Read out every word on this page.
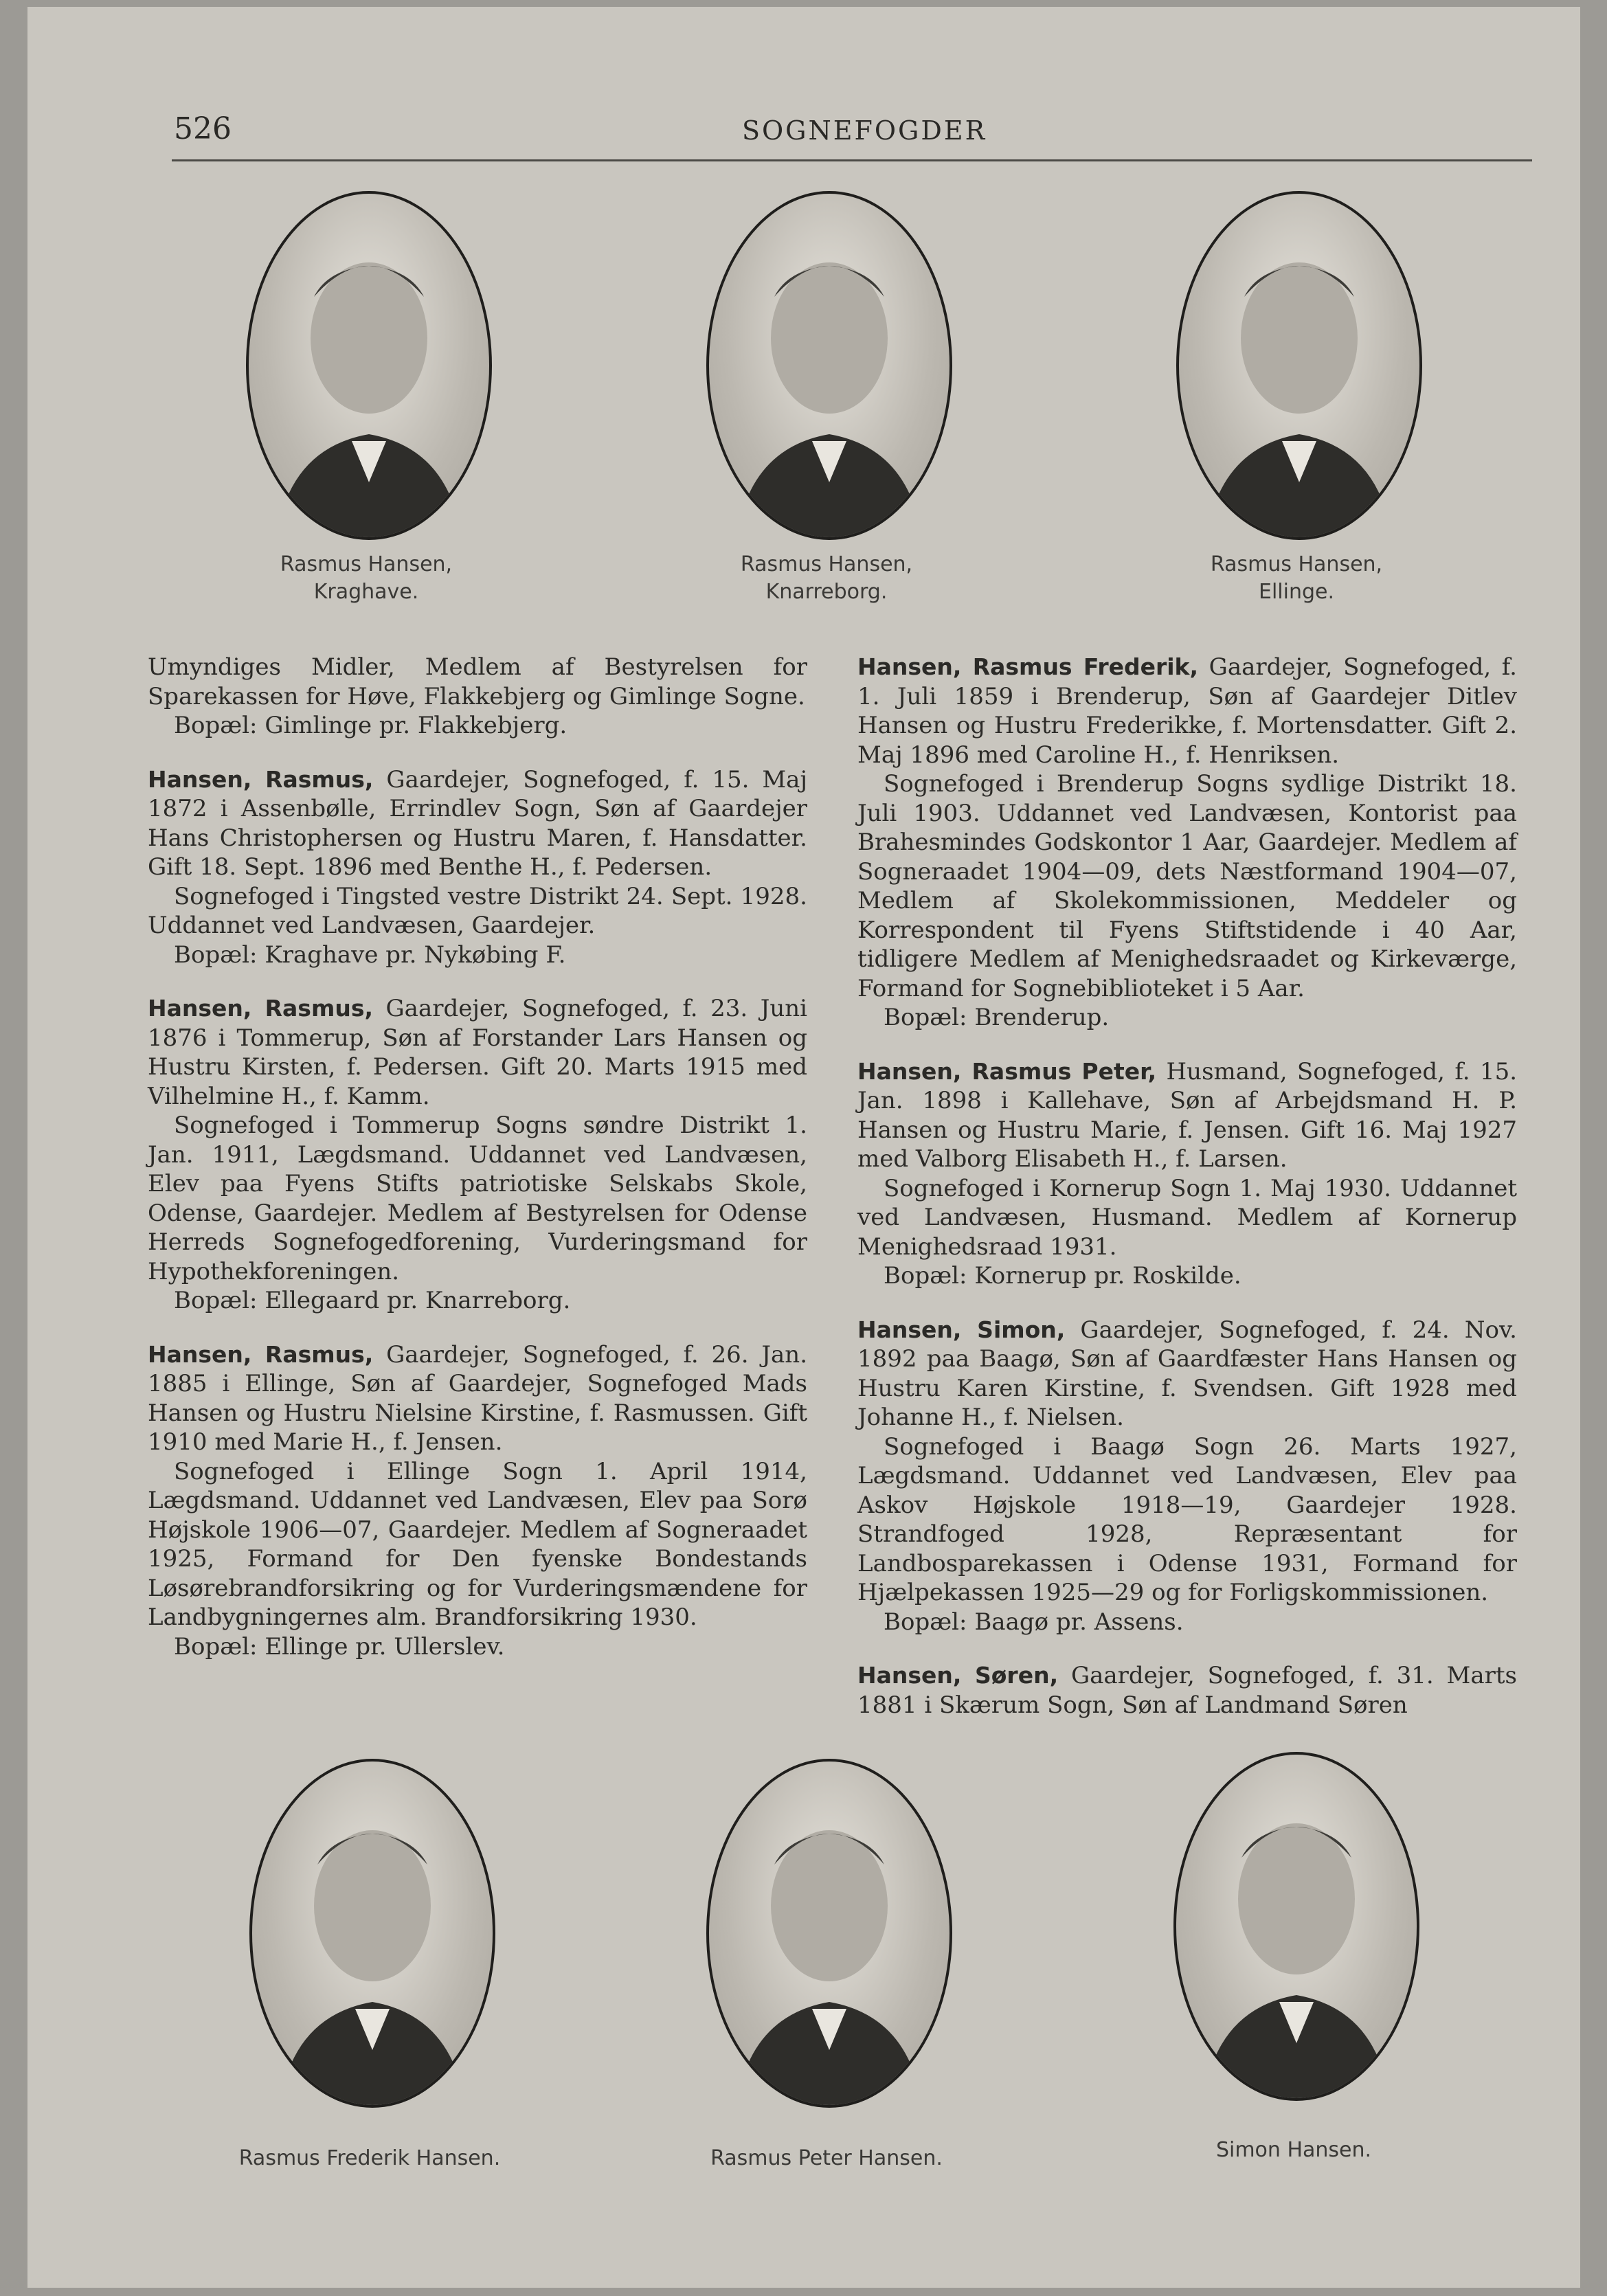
526	SOGNEFOGDER
Rasmus Hansen,
Kraghave.
Rasmus Hansen,
Knarreborg.
Rasmus Hansen,
Ellinge.

Umyndiges Midler, Medlem af Bestyrelsen for Sparekassen for Høve, Flakkebjerg og Gimlinge Sogne.

Bopæl: Gimlinge pr. Flakkebjerg.

Hansen, Rasmus, Gaardejer, Sognefoged, f. 15. Maj 1872 i Assenbølle, Errindlev Sogn, Søn af Gaardejer Hans Christophersen og Hustru Maren, f. Hansdatter. Gift 18. Sept. 1896 med Benthe H., f. Pedersen.

Sognefoged i Tingsted vestre Distrikt 24. Sept. 1928. Uddannet ved Landvæsen, Gaardejer.

Bopæl: Kraghave pr. Nykøbing F.

Hansen, Rasmus, Gaardejer, Sognefoged, f. 23. Juni 1876 i Tommerup, Søn af Forstander Lars Hansen og Hustru Kirsten, f. Pedersen. Gift 20. Marts 1915 med Vilhelmine H., f. Kamm.

Sognefoged i Tommerup Sogns søndre Distrikt 1. Jan. 1911, Lægdsmand. Uddannet ved Landvæsen, Elev paa Fyens Stifts patriotiske Selskabs Skole, Odense, Gaardejer. Medlem af Bestyrelsen for Odense Herreds Sognefogedforening, Vurderingsmand for Hypothekforeningen.

Bopæl: Ellegaard pr. Knarreborg.

Hansen, Rasmus, Gaardejer, Sognefoged, f. 26. Jan. 1885 i Ellinge, Søn af Gaardejer, Sognefoged Mads Hansen og Hustru Nielsine Kirstine, f. Rasmussen. Gift 1910 med Marie H., f. Jensen.

Sognefoged i Ellinge Sogn 1. April 1914, Lægdsmand. Uddannet ved Landvæsen, Elev paa Sorø Højskole 1906—07, Gaardejer. Medlem af Sogneraadet 1925, Formand for Den fyenske Bondestands Løsørebrandforsikring og for Vurderingsmændene for Landbygningernes alm. Brandforsikring 1930.

Bopæl: Ellinge pr. Ullerslev.

Hansen, Rasmus Frederik, Gaardejer, Sognefoged, f. 1. Juli 1859 i Brenderup, Søn af Gaardejer Ditlev Hansen og Hustru Frederikke, f. Mortensdatter. Gift 2. Maj 1896 med Caroline H., f. Henriksen.

Sognefoged i Brenderup Sogns sydlige Distrikt 18. Juli 1903. Uddannet ved Landvæsen, Kontorist paa Brahesmindes Godskontor 1 Aar, Gaardejer. Medlem af Sogneraadet 1904—09, dets Næstformand 1904—07, Medlem af Skolekommissionen, Meddeler og Korrespondent til Fyens Stiftstidende i 40 Aar, tidligere Medlem af Menighedsraadet og Kirkeværge, Formand for Sognebiblioteket i 5 Aar.

Bopæl: Brenderup.

Hansen, Rasmus Peter, Husmand, Sognefoged, f. 15. Jan. 1898 i Kallehave, Søn af Arbejdsmand H. P. Hansen og Hustru Marie, f. Jensen. Gift 16. Maj 1927 med Valborg Elisabeth H., f. Larsen.

Sognefoged i Kornerup Sogn 1. Maj 1930. Uddannet ved Landvæsen, Husmand. Medlem af Kornerup Menighedsraad 1931.

Bopæl: Kornerup pr. Roskilde.

Hansen, Simon, Gaardejer, Sognefoged, f. 24. Nov. 1892 paa Baagø, Søn af Gaardfæster Hans Hansen og Hustru Karen Kirstine, f. Svendsen. Gift 1928 med Johanne H., f. Nielsen.

Sognefoged i Baagø Sogn 26. Marts 1927, Lægdsmand. Uddannet ved Landvæsen, Elev paa Askov Højskole 1918—19, Gaardejer 1928. Strandfoged 1928, Repræsentant for Landbosparekassen i Odense 1931, Formand for Hjælpekassen 1925—29 og for Forligskommissionen.

Bopæl: Baagø pr. Assens.

Hansen, Søren, Gaardejer, Sognefoged, f. 31. Marts 1881 i Skærum Sogn, Søn af Landmand Søren

Rasmus Frederik Hansen.	Rasmus Peter Hansen.	Simon Hansen.
